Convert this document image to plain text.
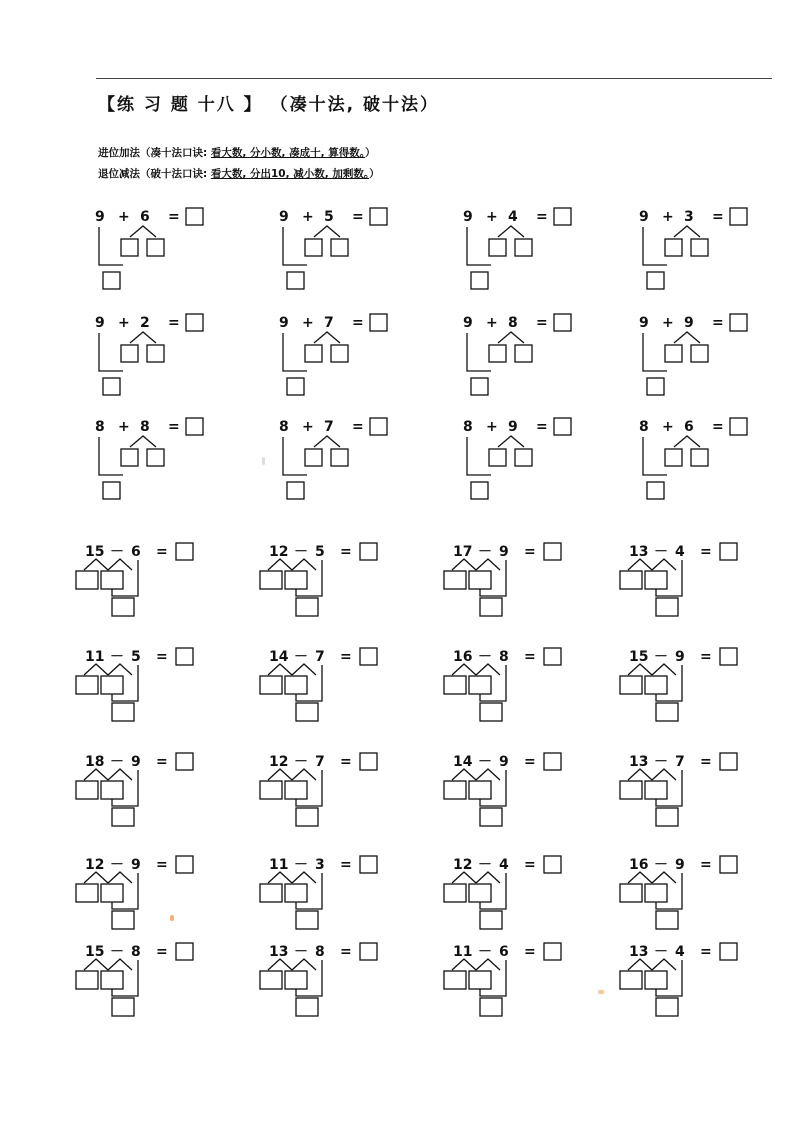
【练 习 题 十八 】 （凑十法, 破十法）
进位加法（凑十法口诀: 看大数, 分小数, 凑成十, 算得数。）
退位减法（破十法口诀: 看大数, 分出10, 减小数, 加剩数。）
9 + 6 =	9 + 5 =	9 + 4 =	9 + 3 =
9 + 2 =	9 + 7 =	9 + 8 =	9 + 9 =
8 + 8 =	8 + 7 =	8 + 9 =	8 + 6 =
15 － 6 =	12 － 5 =	17 － 9 =	13 － 4 =
11 － 5 =	14 － 7 =	16 － 8 =	15 － 9 =
18 － 9 =	12 － 7 =	14 － 9 =	13 － 7 =
12 － 9 =	11 － 3 =	12 － 4 =	16 － 9 =
15 － 8 =	13 － 8 =	11 － 6 =	13 － 4 =
